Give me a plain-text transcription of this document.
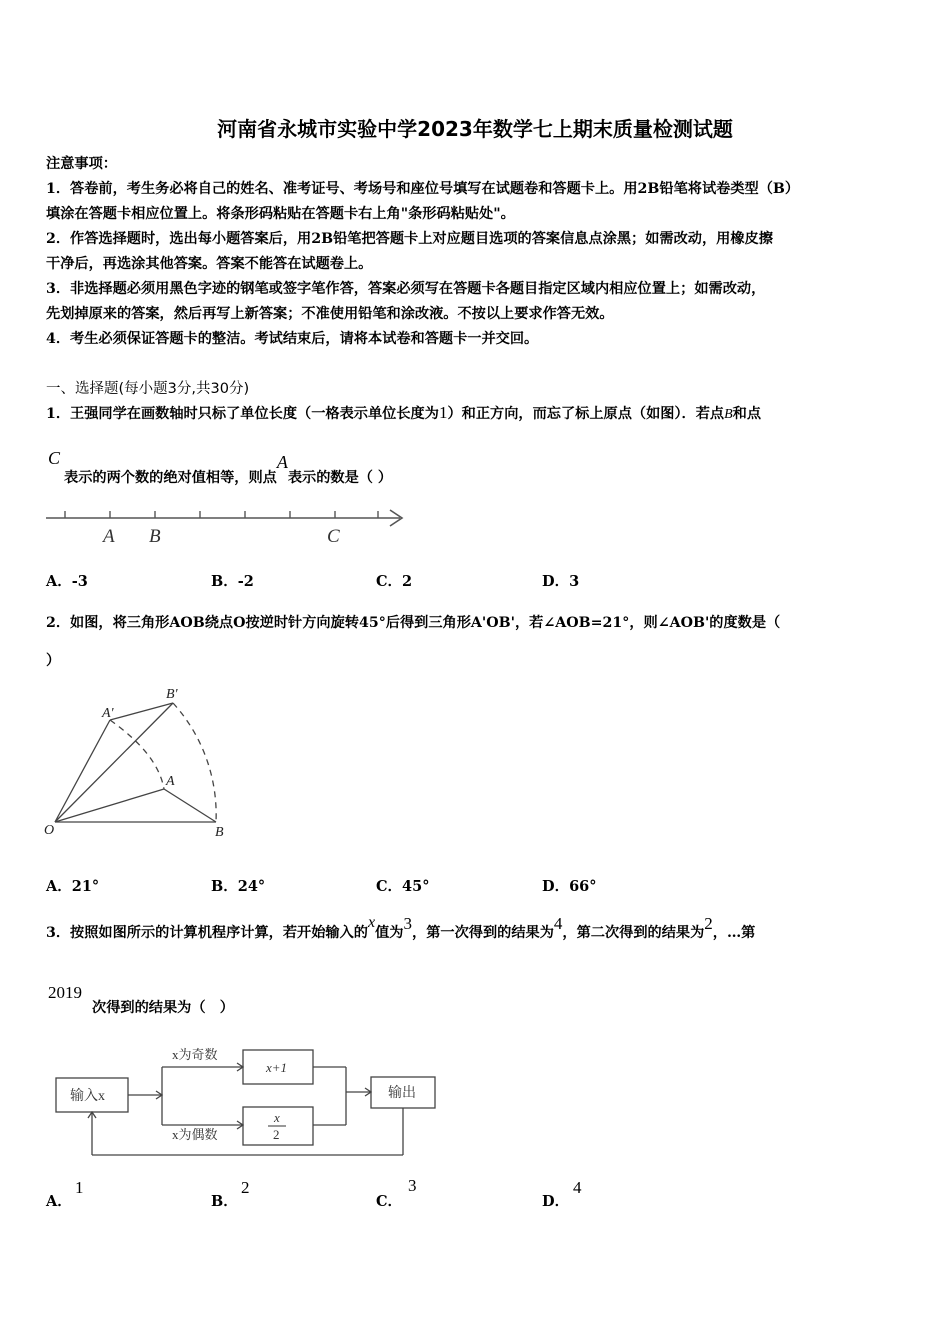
河南省永城市实验中学2023年数学七上期末质量检测试题
注意事项：
1．答卷前，考生务必将自己的姓名、准考证号、考场号和座位号填写在试题卷和答题卡上。用2B铅笔将试卷类型（B）
填涂在答题卡相应位置上。将条形码粘贴在答题卡右上角"条形码粘贴处"。
2．作答选择题时，选出每小题答案后，用2B铅笔把答题卡上对应题目选项的答案信息点涂黑；如需改动，用橡皮擦
干净后，再选涂其他答案。答案不能答在试题卷上。
3．非选择题必须用黑色字迹的钢笔或签字笔作答，答案必须写在答题卡各题目指定区域内相应位置上；如需改动，
先划掉原来的答案，然后再写上新答案；不准使用铅笔和涂改液。不按以上要求作答无效。
4．考生必须保证答题卡的整洁。考试结束后，请将本试卷和答题卡一并交回。
一、选择题(每小题3分,共30分)
1．王强同学在画数轴时只标了单位长度（一格表示单位长度为1）和正方向，而忘了标上原点（如图）．若点B和点
C
表示的两个数的绝对值相等，则点A表示的数是（ ）
A B	C
A．-3	B．-2	C．2	D．3
2．如图，将三角形AOB绕点O按逆时针方向旋转45°后得到三角形A'OB'，若∠AOB=21°，则∠AOB'的度数是（
）
A'
B'
A
O	B
A．21°	B．24°	C．45°	D．66°
3．按照如图所示的计算机程序计算，若开始输入的x值为3，第一次得到的结果为4，第二次得到的结果为2，…第
2019
次得到的结果为（　）
输入x
x为奇数
x+1
x
2
x为偶数
输出
A．
1
B．
2
C．
3
D．
4
